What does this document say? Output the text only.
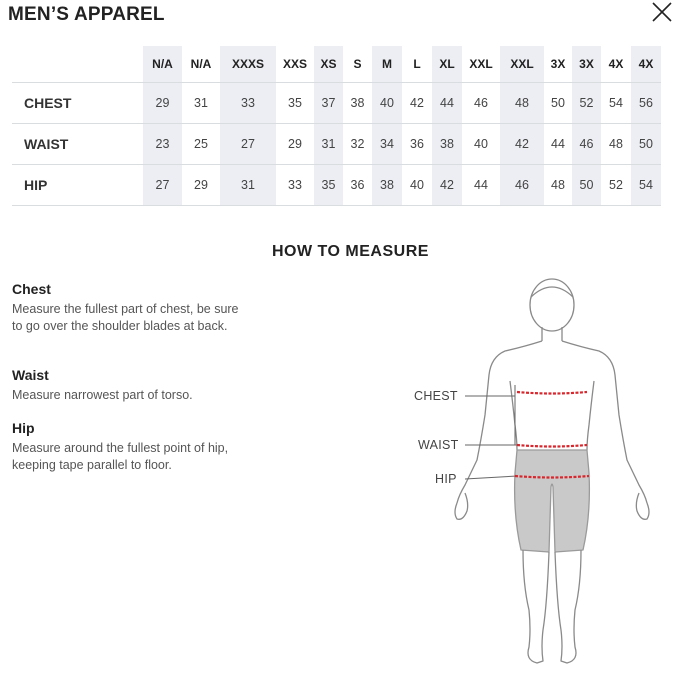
MEN’S APPAREL
	N/A	N/A	XXXS	XXS	XS	S	M	L	XL	XXL	XXL	3X	3X	4X	4X
CHEST	29	31	33	35	37	38	40	42	44	46	48	50	52	54	56
WAIST	23	25	27	29	31	32	34	36	38	40	42	44	46	48	50
HIP	27	29	31	33	35	36	38	40	42	44	46	48	50	52	54
HOW TO MEASURE

Chest

Measure the fullest part of chest, be sure to go over the shoulder blades at back.

Waist

Measure narrowest part of torso.

Hip

Measure around the fullest point of hip, keeping tape parallel to floor.

CHEST
WAIST
HIP
